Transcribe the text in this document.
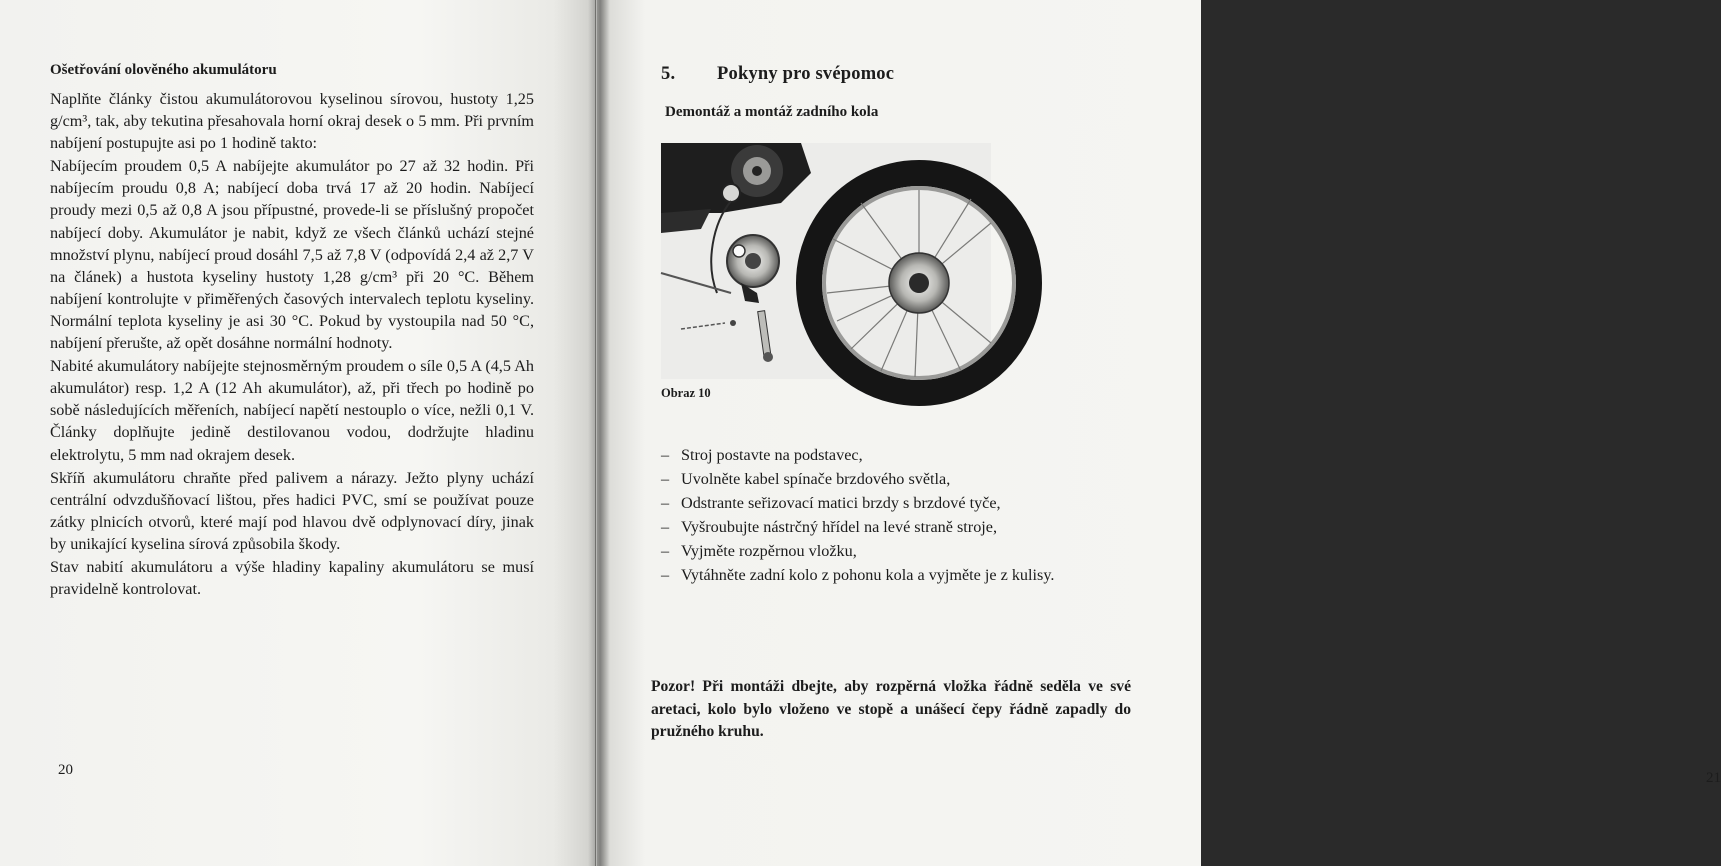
Ošetřování olověného akumulátoru

Naplňte články čistou akumulátorovou kyselinou sírovou, hustoty 1,25 g/cm³, tak, aby tekutina přesahovala horní okraj desek o 5 mm. Při prvním nabíjení postupujte asi po 1 hodině takto:

Nabíjecím proudem 0,5 A nabíjejte akumulátor po 27 až 32 hodin. Při nabíjecím proudu 0,8 A; nabíjecí doba trvá 17 až 20 hodin. Nabíjecí proudy mezi 0,5 až 0,8 A jsou přípustné, provede-li se příslušný propočet nabíjecí doby. Akumulátor je nabit, když ze všech článků uchází stejné množství plynu, nabíjecí proud dosáhl 7,5 až 7,8 V (odpovídá 2,4 až 2,7 V na článek) a hustota kyseliny hustoty 1,28 g/cm³ při 20 °C. Během nabíjení kontrolujte v přiměřených časových intervalech teplotu kyseliny. Normální teplota kyseliny je asi 30 °C. Pokud by vystoupila nad 50 °C, nabíjení přerušte, až opět dosáhne normální hodnoty.

Nabité akumulátory nabíjejte stejnosměrným proudem o síle 0,5 A (4,5 Ah akumulátor) resp. 1,2 A (12 Ah akumulátor), až, při třech po hodině po sobě následujících měřeních, nabíjecí napětí nestouplo o více, nežli 0,1 V. Články doplňujte jedině destilovanou vodou, dodržujte hladinu elektrolytu, 5 mm nad okrajem desek.

Skříň akumulátoru chraňte před palivem a nárazy. Ježto plyny uchází centrální odvzdušňovací lištou, přes hadici PVC, smí se používat pouze zátky plnicích otvorů, které mají pod hlavou dvě odplynovací díry, jinak by unikající kyselina sírová způsobila škody.

Stav nabití akumulátoru a výše hladiny kapaliny akumulátoru se musí pravidelně kontrolovat.

20
5. Pokyny pro svépomoc
Demontáž a montáž zadního kola
Obraz 10
– Stroj postavte na podstavec,
– Uvolněte kabel spínače brzdového světla,
– Odstrante seřizovací matici brzdy s brzdové tyče,
– Vyšroubujte nástrčný hřídel na levé straně stroje,
– Vyjměte rozpěrnou vložku,
– Vytáhněte zadní kolo z pohonu kola a vyjměte je z kulisy.

Pozor! Při montáži dbejte, aby rozpěrná vložka řádně seděla ve své aretaci, kolo bylo vloženo ve stopě a unášecí čepy řádně zapadly do pružného kruhu.

21
